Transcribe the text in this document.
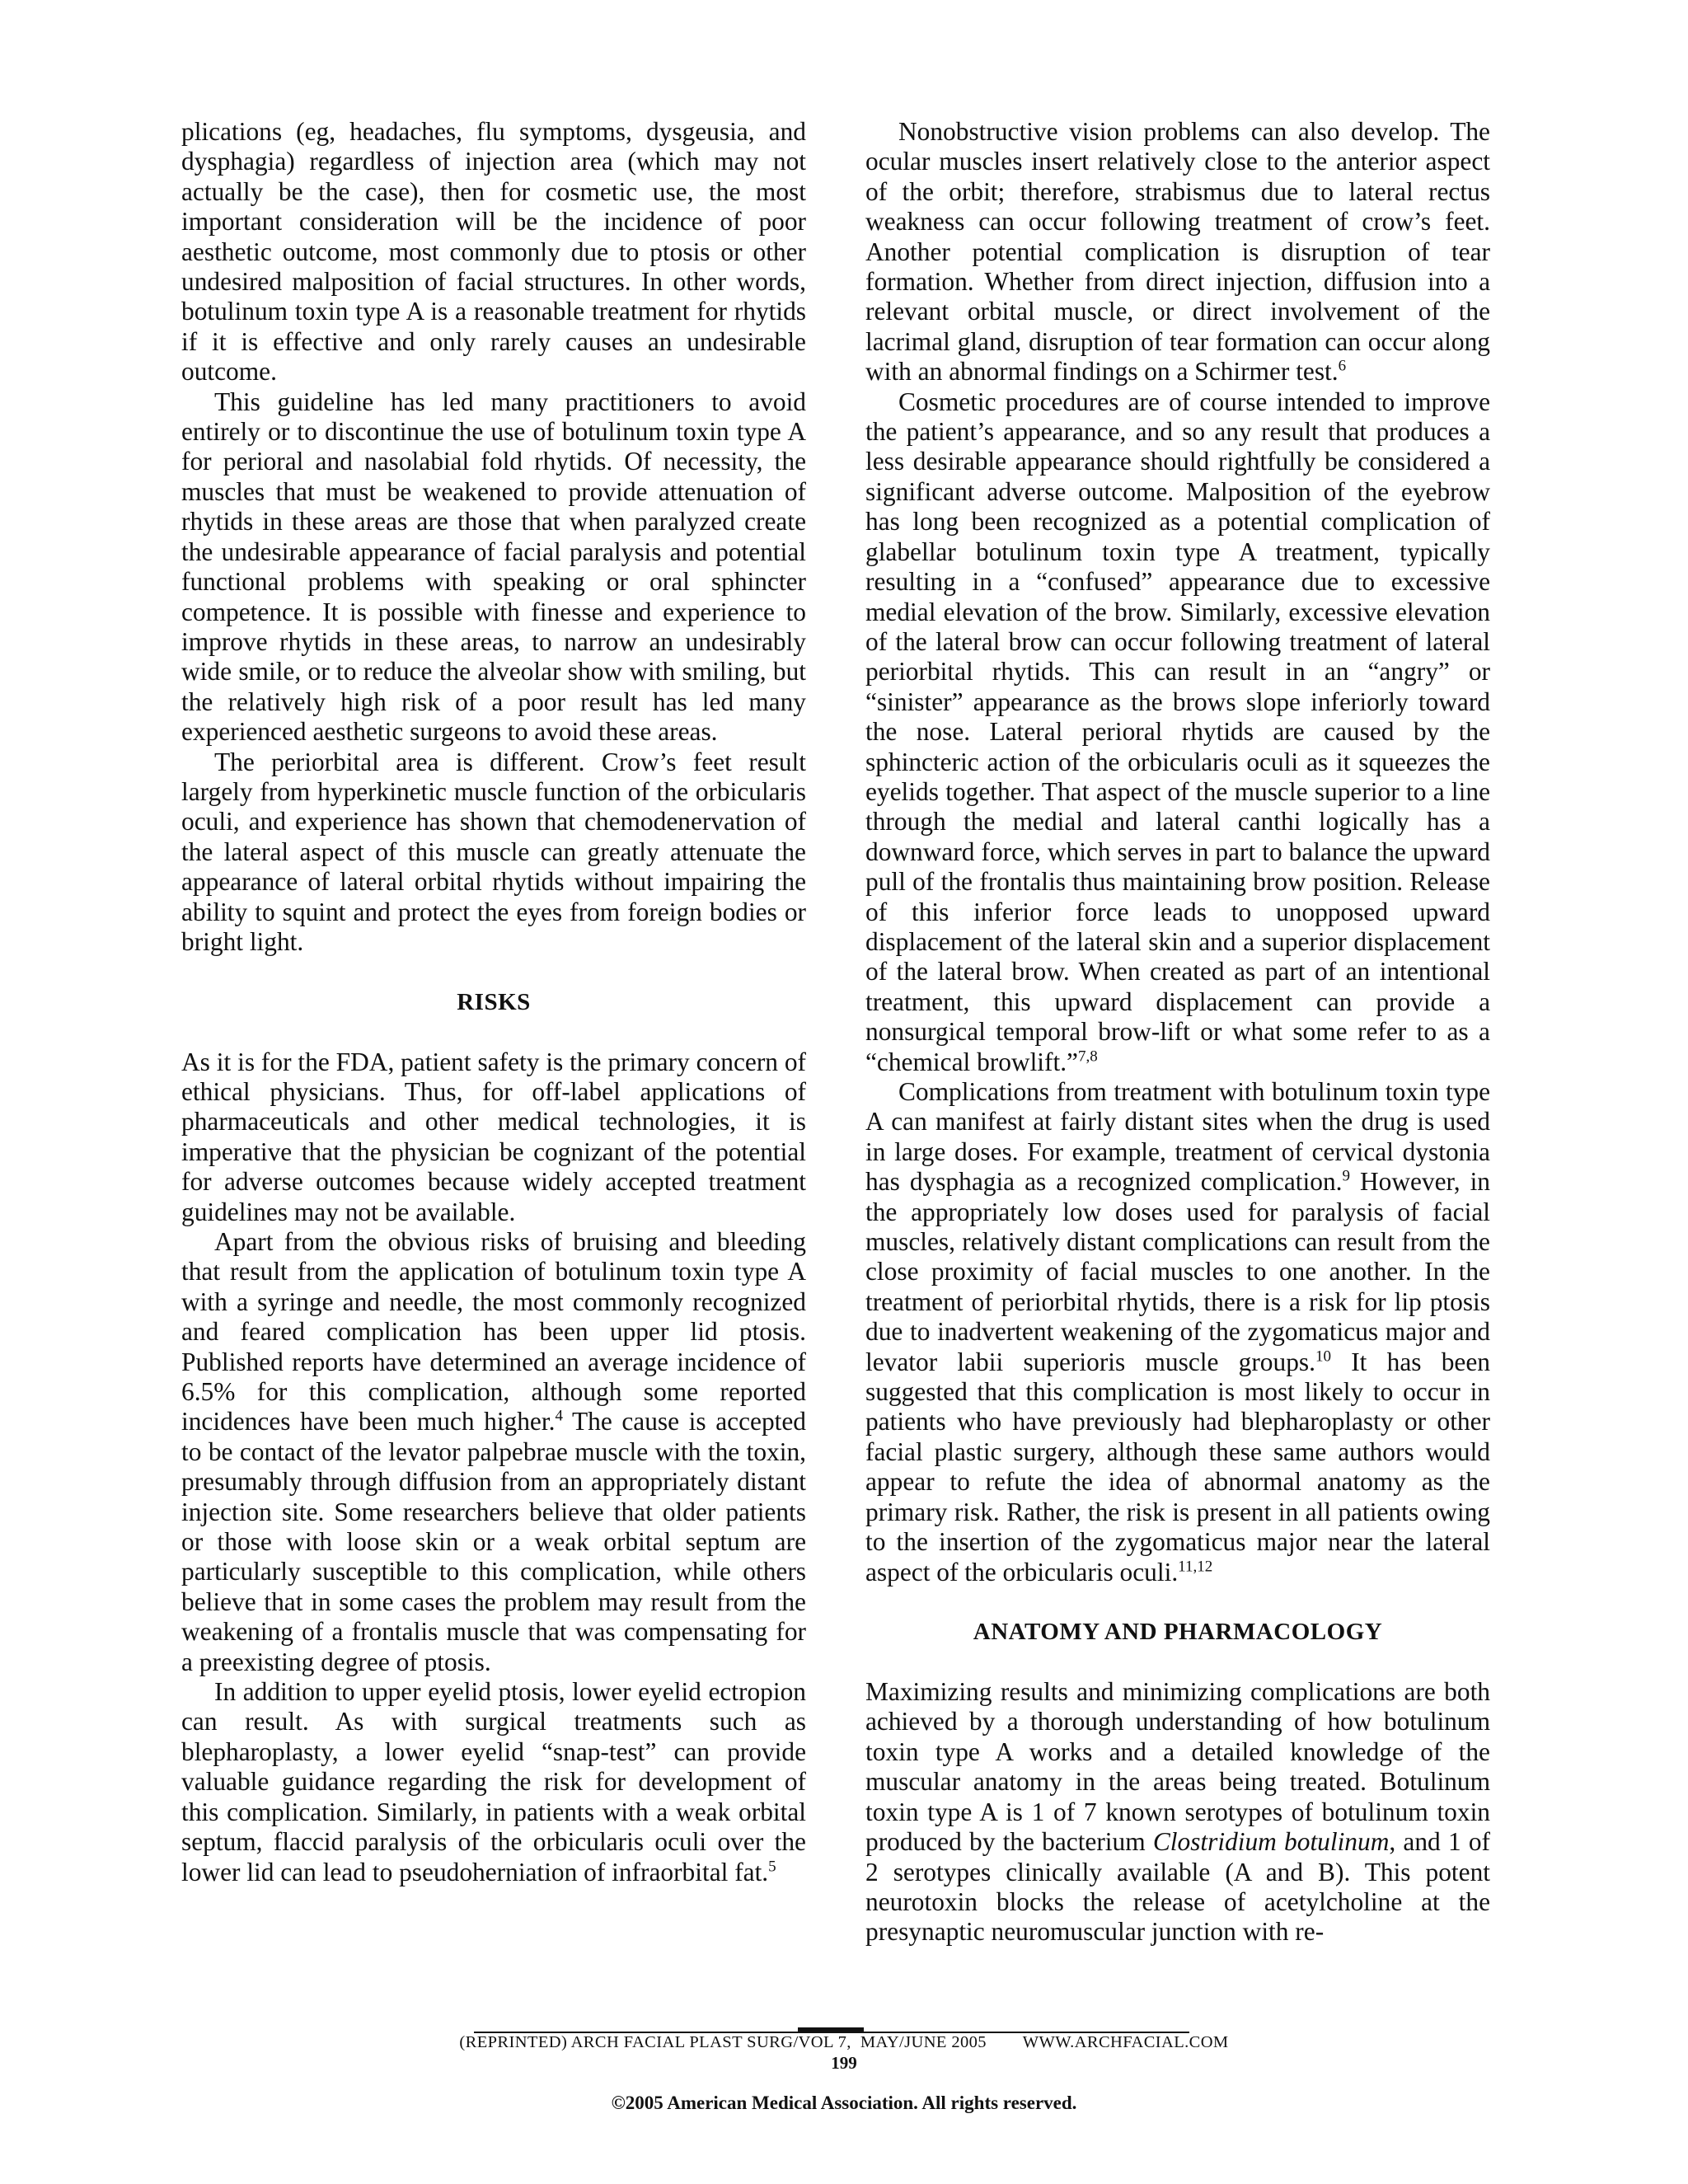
plications (eg, headaches, flu symptoms, dysgeusia, and dysphagia) regardless of injection area (which may not actually be the case), then for cosmetic use, the most important consideration will be the incidence of poor aesthetic outcome, most commonly due to ptosis or other undesired malposition of facial structures. In other words, botulinum toxin type A is a reasonable treatment for rhytids if it is effective and only rarely causes an undesirable outcome.

This guideline has led many practitioners to avoid entirely or to discontinue the use of botulinum toxin type A for perioral and nasolabial fold rhytids. Of necessity, the muscles that must be weakened to provide attenuation of rhytids in these areas are those that when paralyzed create the undesirable appearance of facial paralysis and potential functional problems with speaking or oral sphincter competence. It is possible with finesse and experience to improve rhytids in these areas, to narrow an undesirably wide smile, or to reduce the alveolar show with smiling, but the relatively high risk of a poor result has led many experienced aesthetic surgeons to avoid these areas.

The periorbital area is different. Crow’s feet result largely from hyperkinetic muscle function of the orbicularis oculi, and experience has shown that chemodenervation of the lateral aspect of this muscle can greatly attenuate the appearance of lateral orbital rhytids without impairing the ability to squint and protect the eyes from foreign bodies or bright light.

RISKS

As it is for the FDA, patient safety is the primary concern of ethical physicians. Thus, for off-label applications of pharmaceuticals and other medical technologies, it is imperative that the physician be cognizant of the potential for adverse outcomes because widely accepted treatment guidelines may not be available.

Apart from the obvious risks of bruising and bleeding that result from the application of botulinum toxin type A with a syringe and needle, the most commonly recognized and feared complication has been upper lid ptosis. Published reports have determined an average incidence of 6.5% for this complication, although some reported incidences have been much higher.$^4$ The cause is accepted to be contact of the levator palpebrae muscle with the toxin, presumably through diffusion from an appropriately distant injection site. Some researchers believe that older patients or those with loose skin or a weak orbital septum are particularly susceptible to this complication, while others believe that in some cases the problem may result from the weakening of a frontalis muscle that was compensating for a preexisting degree of ptosis.

In addition to upper eyelid ptosis, lower eyelid ectropion can result. As with surgical treatments such as blepharoplasty, a lower eyelid “snap-test” can provide valuable guidance regarding the risk for development of this complication. Similarly, in patients with a weak orbital septum, flaccid paralysis of the orbicularis oculi over the lower lid can lead to pseudoherniation of infraorbital fat.$^5$

Nonobstructive vision problems can also develop. The ocular muscles insert relatively close to the anterior aspect of the orbit; therefore, strabismus due to lateral rectus weakness can occur following treatment of crow’s feet. Another potential complication is disruption of tear formation. Whether from direct injection, diffusion into a relevant orbital muscle, or direct involvement of the lacrimal gland, disruption of tear formation can occur along with an abnormal findings on a Schirmer test.$^6$

Cosmetic procedures are of course intended to improve the patient’s appearance, and so any result that produces a less desirable appearance should rightfully be considered a significant adverse outcome. Malposition of the eyebrow has long been recognized as a potential complication of glabellar botulinum toxin type A treatment, typically resulting in a “confused” appearance due to excessive medial elevation of the brow. Similarly, excessive elevation of the lateral brow can occur following treatment of lateral periorbital rhytids. This can result in an “angry” or “sinister” appearance as the brows slope inferiorly toward the nose. Lateral perioral rhytids are caused by the sphincteric action of the orbicularis oculi as it squeezes the eyelids together. That aspect of the muscle superior to a line through the medial and lateral canthi logically has a downward force, which serves in part to balance the upward pull of the frontalis thus maintaining brow position. Release of this inferior force leads to unopposed upward displacement of the lateral skin and a superior displacement of the lateral brow. When created as part of an intentional treatment, this upward displacement can provide a nonsurgical temporal brow-lift or what some refer to as a “chemical browlift.”$^{7,8}$

Complications from treatment with botulinum toxin type A can manifest at fairly distant sites when the drug is used in large doses. For example, treatment of cervical dystonia has dysphagia as a recognized complication.$^9$ However, in the appropriately low doses used for paralysis of facial muscles, relatively distant complications can result from the close proximity of facial muscles to one another. In the treatment of periorbital rhytids, there is a risk for lip ptosis due to inadvertent weakening of the zygomaticus major and levator labii superioris muscle groups.$^{10}$ It has been suggested that this complication is most likely to occur in patients who have previously had blepharoplasty or other facial plastic surgery, although these same authors would appear to refute the idea of abnormal anatomy as the primary risk. Rather, the risk is present in all patients owing to the insertion of the zygomaticus major near the lateral aspect of the orbicularis oculi.$^{11,12}$

ANATOMY AND PHARMACOLOGY

Maximizing results and minimizing complications are both achieved by a thorough understanding of how botulinum toxin type A works and a detailed knowledge of the muscular anatomy in the areas being treated. Botulinum toxin type A is 1 of 7 known serotypes of botulinum toxin produced by the bacterium Clostridium botulinum, and 1 of 2 serotypes clinically available (A and B). This potent neurotoxin blocks the release of acetylcholine at the presynaptic neuromuscular junction with re-

(REPRINTED) ARCH FACIAL PLAST SURG/VOL 7,  MAY/JUNE 2005        WWW.ARCHFACIAL.COM
199
©2005 American Medical Association. All rights reserved.
